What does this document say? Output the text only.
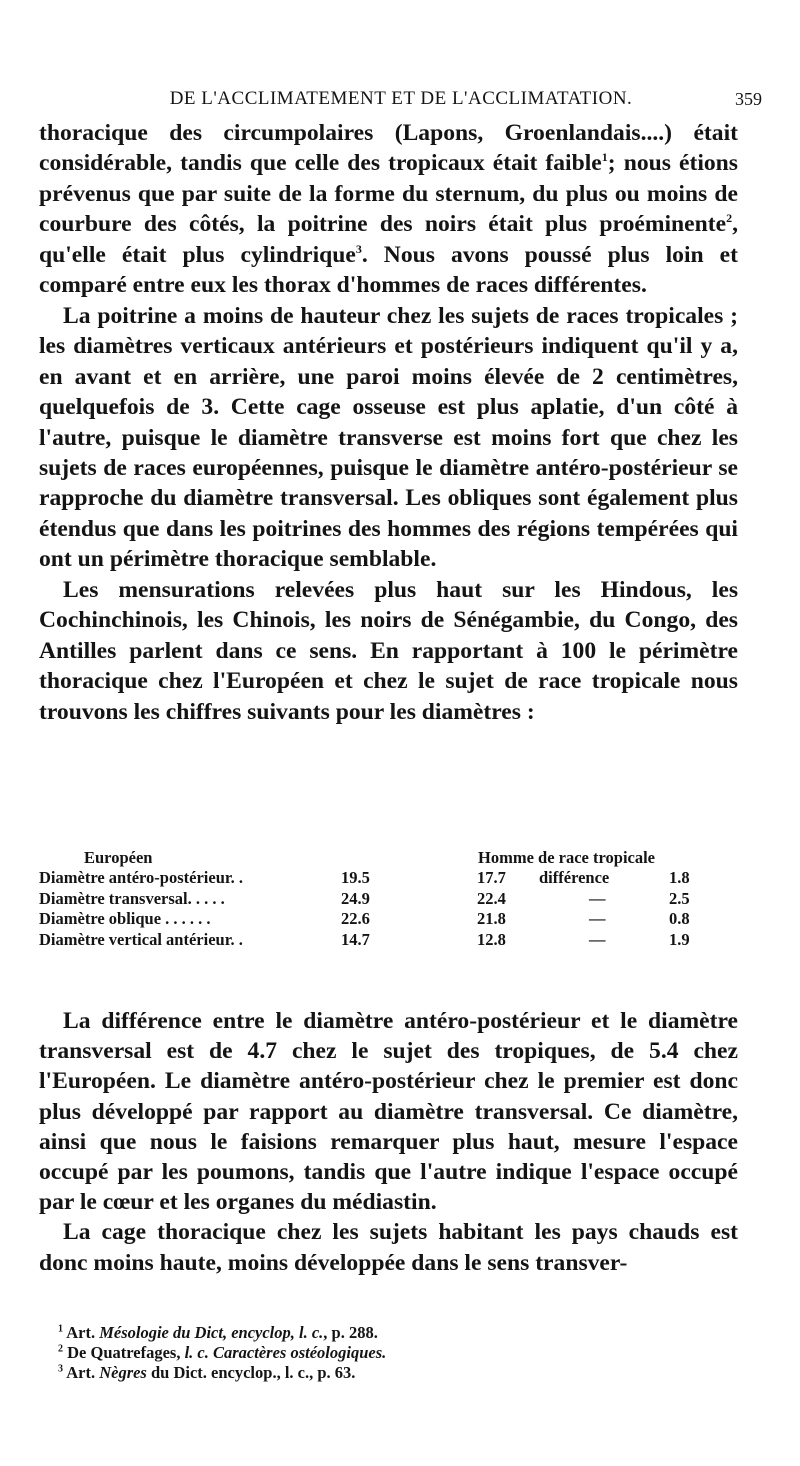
DE L'ACCLIMATEMENT ET DE L'ACCLIMATATION.	359

thoracique des circumpolaires (Lapons, Groenlandais....) était considérable, tandis que celle des tropicaux était faible$^1$; nous étions prévenus que par suite de la forme du sternum, du plus ou moins de courbure des côtés, la poitrine des noirs était plus proéminente$^2$, qu'elle était plus cylindrique$^3$. Nous avons poussé plus loin et comparé entre eux les thorax d'hommes de races différentes.

La poitrine a moins de hauteur chez les sujets de races tropicales ; les diamètres verticaux antérieurs et postérieurs indiquent qu'il y a, en avant et en arrière, une paroi moins élevée de 2 centimètres, quelquefois de 3. Cette cage osseuse est plus aplatie, d'un côté à l'autre, puisque le diamètre transverse est moins fort que chez les sujets de races européennes, puisque le diamètre antéro-postérieur se rapproche du diamètre transversal. Les obliques sont également plus étendus que dans les poitrines des hommes des régions tempérées qui ont un périmètre thoracique semblable.

Les mensurations relevées plus haut sur les Hindous, les Cochinchinois, les Chinois, les noirs de Sénégambie, du Congo, des Antilles parlent dans ce sens. En rapportant à 100 le périmètre thoracique chez l'Européen et chez le sujet de race tropicale nous trouvons les chiffres suivants pour les diamètres :

Européen	Homme de race tropicale
Diamètre antéro-postérieur. .	19.5	17.7 différence	1.8
Diamètre transversal. . . . .	24.9	22.4	—	2.5
Diamètre oblique . . . . . .	22.6	21.8	—	0.8
Diamètre vertical antérieur. .	14.7	12.8	—	1.9

La différence entre le diamètre antéro-postérieur et le diamètre transversal est de 4.7 chez le sujet des tropiques, de 5.4 chez l'Européen. Le diamètre antéro-postérieur chez le premier est donc plus développé par rapport au diamètre transversal. Ce diamètre, ainsi que nous le faisions remarquer plus haut, mesure l'espace occupé par les poumons, tandis que l'autre indique l'espace occupé par le cœur et les organes du médiastin.

La cage thoracique chez les sujets habitant les pays chauds est donc moins haute, moins développée dans le sens transver-

$^1$ Art. Mésologie du Dict, encyclop, l. c., p. 288.
$^2$ De Quatrefages, l. c. Caractères ostéologiques.
$^3$ Art. Nègres du Dict. encyclop., l. c., p. 63.
